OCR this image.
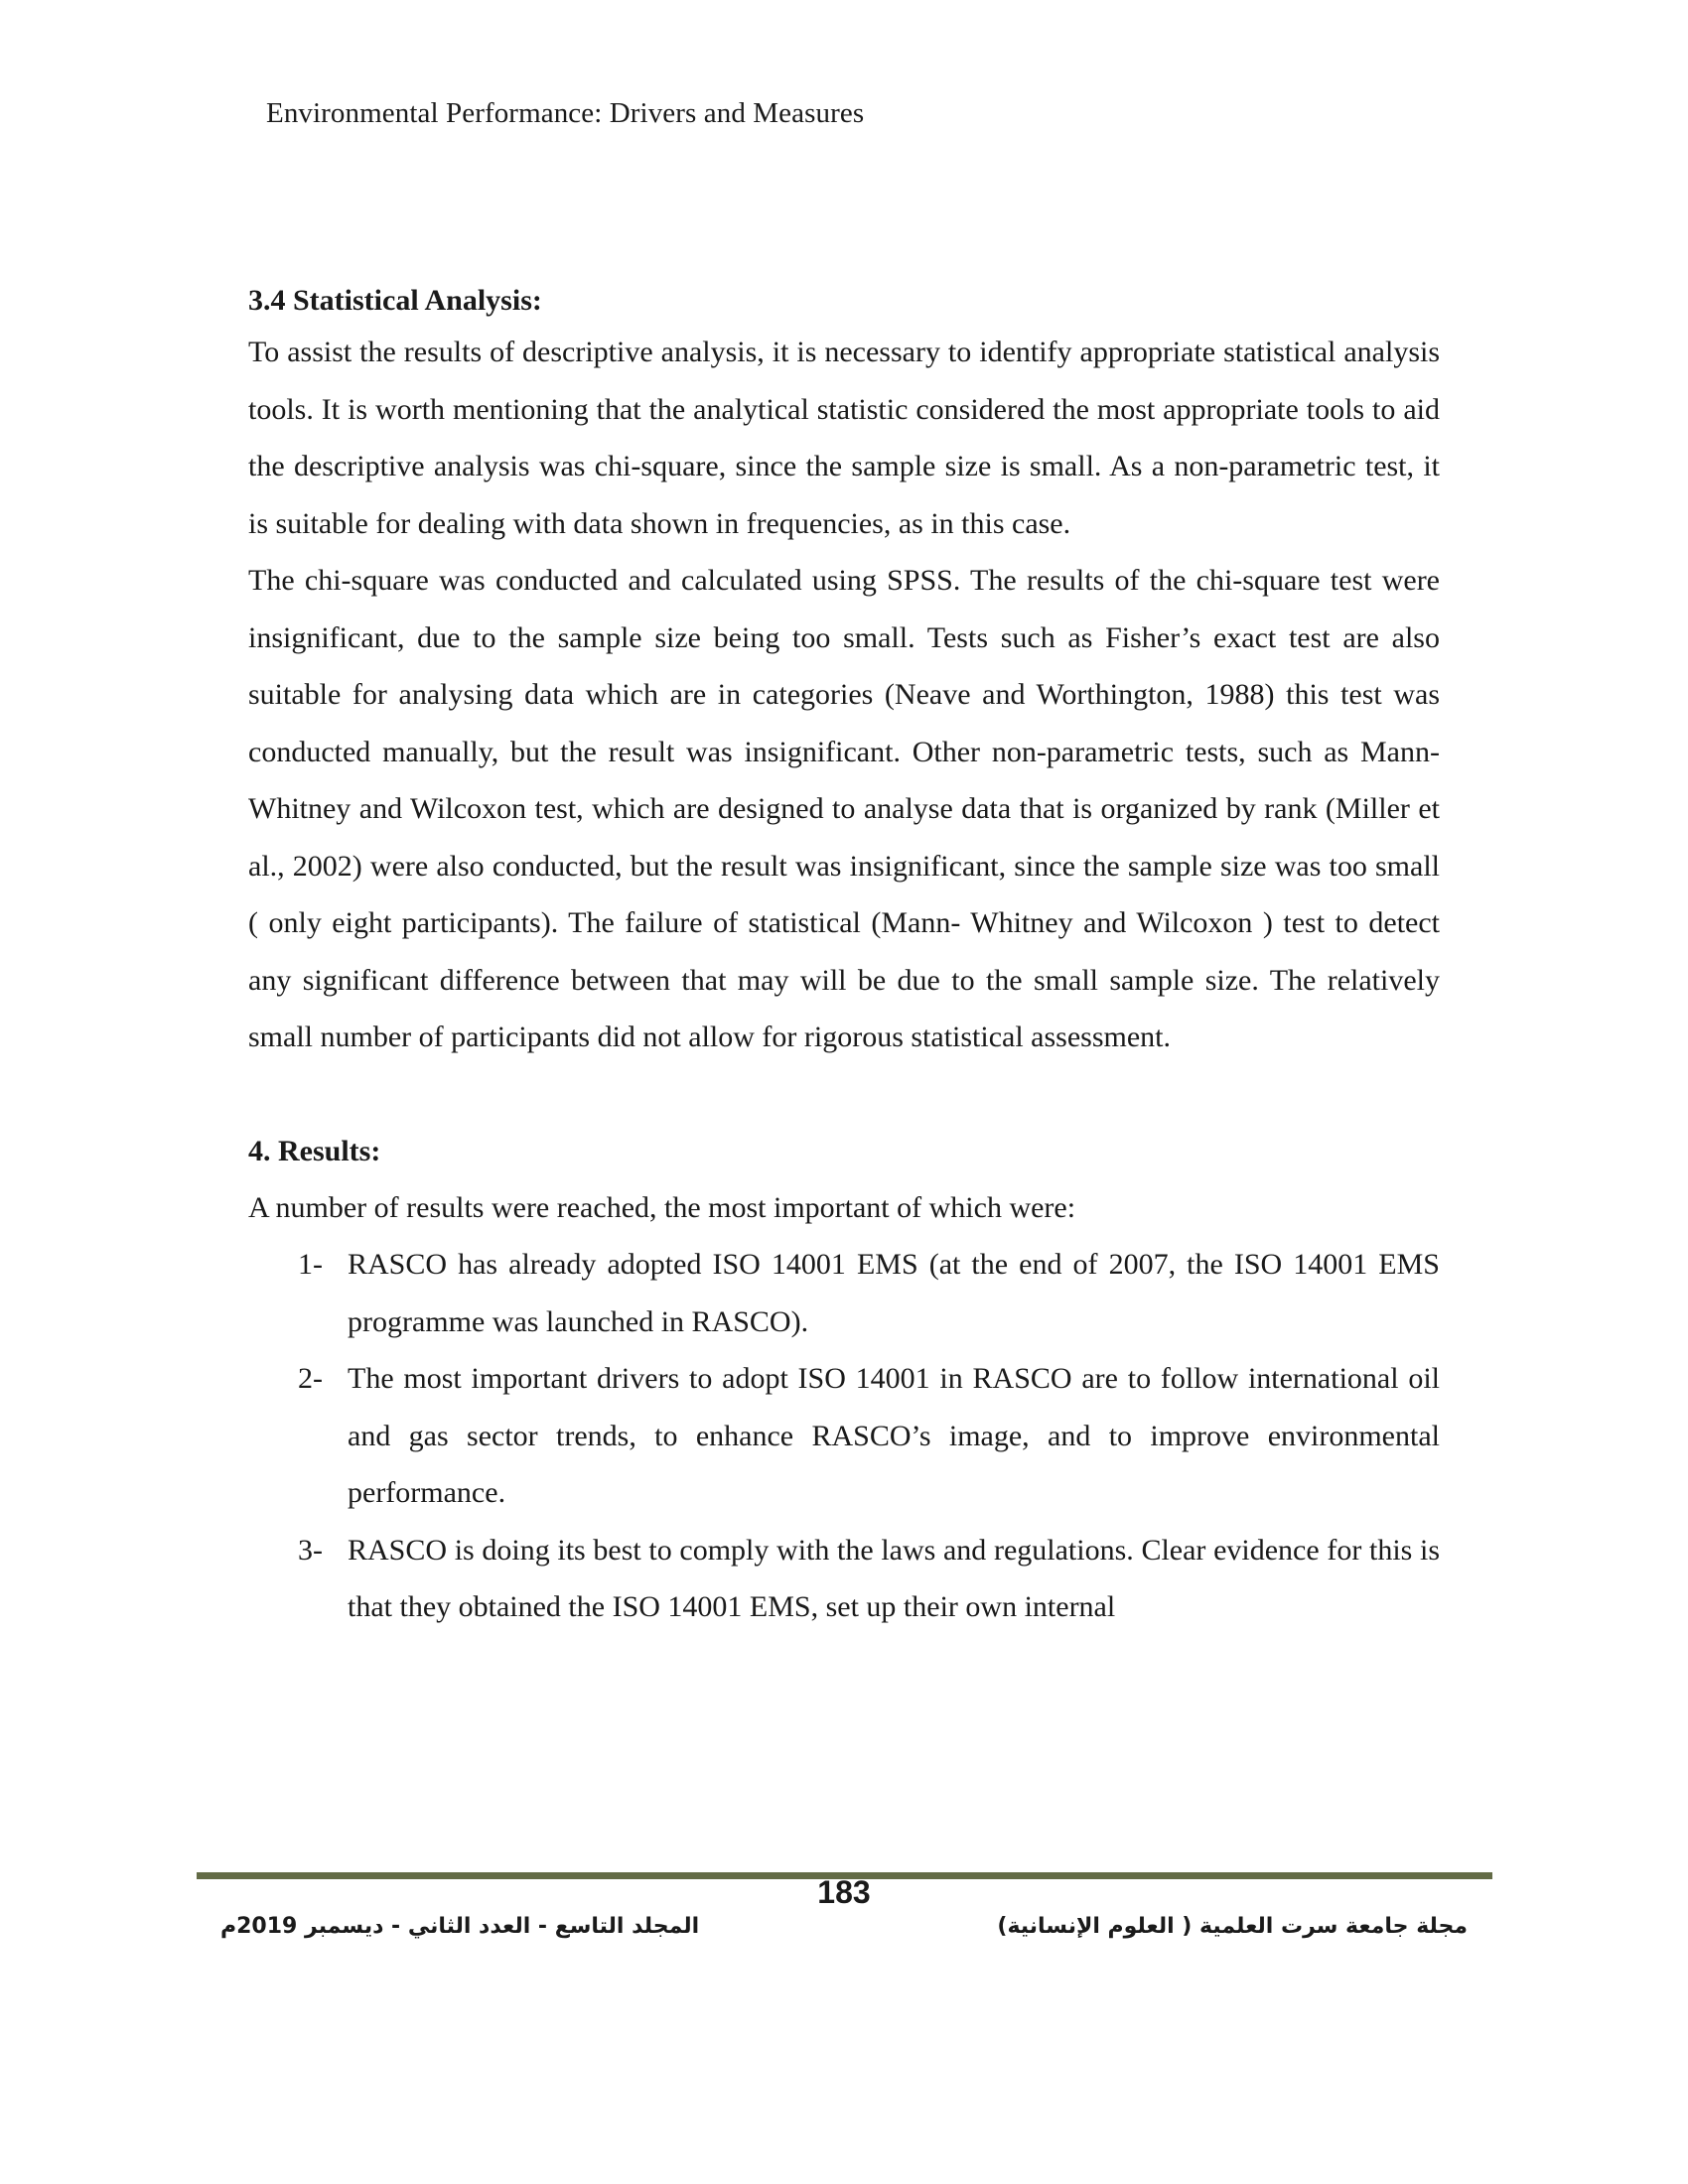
Environmental Performance: Drivers and Measures
3.4 Statistical Analysis:

To assist the results of descriptive analysis, it is necessary to identify appropriate statistical analysis tools. It is worth mentioning that the analytical statistic considered the most appropriate tools to aid the descriptive analysis was chi-square, since the sample size is small. As a non-parametric test, it is suitable for dealing with data shown in frequencies, as in this case.

The chi-square was conducted and calculated using SPSS. The results of the chi-square test were insignificant, due to the sample size being too small. Tests such as Fisher’s exact test are also suitable for analysing data which are in categories (Neave and Worthington, 1988) this test was conducted manually, but the result was insignificant. Other non-parametric tests, such as Mann-Whitney and Wilcoxon test, which are designed to analyse data that is organized by rank (Miller et al., 2002) were also conducted, but the result was insignificant, since the sample size was too small ( only eight participants). The failure of statistical (Mann- Whitney and Wilcoxon ) test to detect any significant difference between that may will be due to the small sample size. The relatively small number of participants did not allow for rigorous statistical assessment.

4. Results:

A number of results were reached, the most important of which were:

1- RASCO has already adopted ISO 14001 EMS (at the end of 2007, the ISO 14001 EMS programme was launched in RASCO).
2- The most important drivers to adopt ISO 14001 in RASCO are to follow international oil and gas sector trends, to enhance RASCO’s image, and to improve environmental performance.
3- RASCO is doing its best to comply with the laws and regulations. Clear evidence for this is that they obtained the ISO 14001 EMS, set up their own internal
183
المجلد التاسع - العدد الثاني - ديسمبر 2019م	مجلة جامعة سرت العلمية ( العلوم الإنسانية)
